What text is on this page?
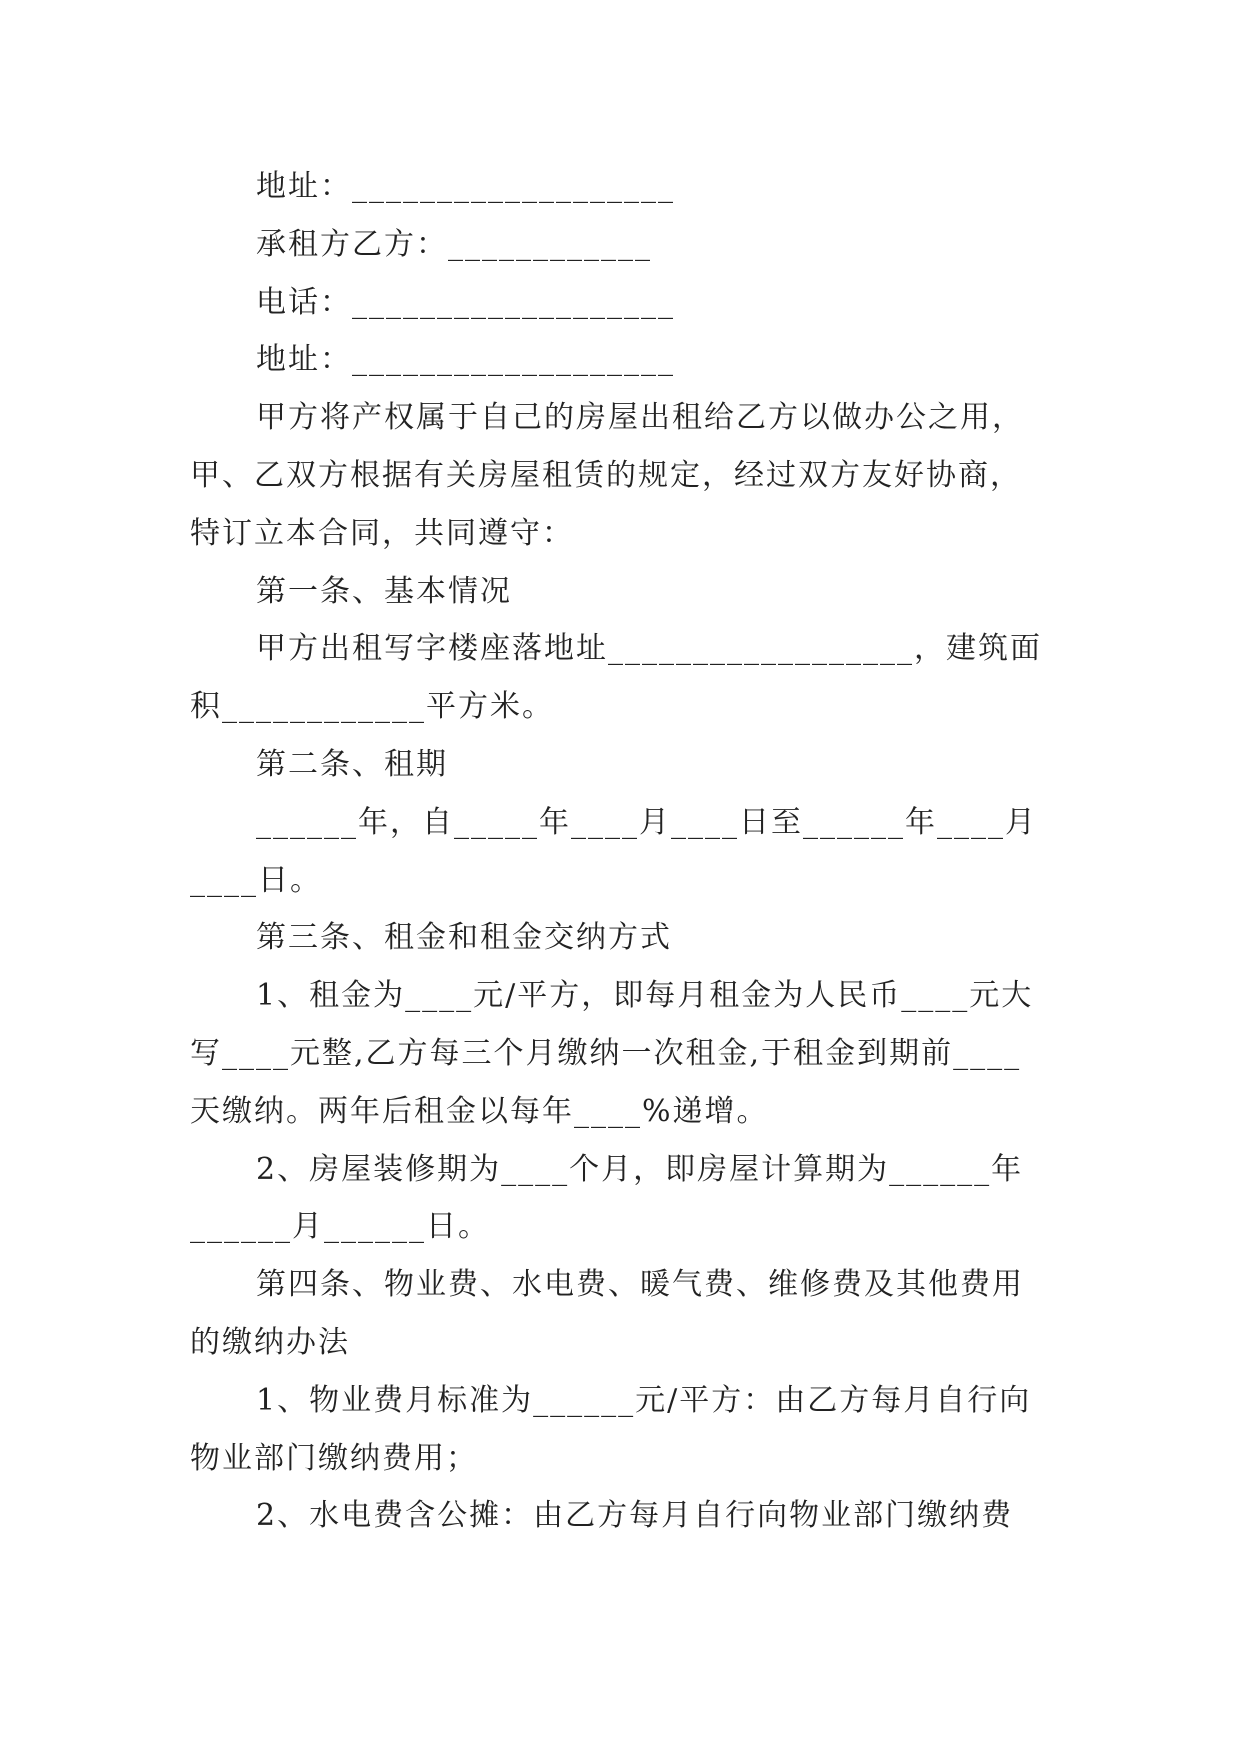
地址：___________________
承租方乙方：____________
电话：___________________
地址：___________________
甲方将产权属于自己的房屋出租给乙方以做办公之用，
甲、乙双方根据有关房屋租赁的规定，经过双方友好协商，
特订立本合同，共同遵守：
第一条、基本情况
甲方出租写字楼座落地址__________________，建筑面
积____________平方米。
第二条、租期
______年，自_____年____月____日至______年____月
____日。
第三条、租金和租金交纳方式
1、租金为____元/平方，即每月租金为人民币____元大
写____元整,乙方每三个月缴纳一次租金,于租金到期前____
天缴纳。两年后租金以每年____%递增。
2、房屋装修期为____个月，即房屋计算期为______年
______月______日。
第四条、物业费、水电费、暖气费、维修费及其他费用
的缴纳办法
1、物业费月标准为______元/平方：由乙方每月自行向
物业部门缴纳费用；
2、水电费含公摊：由乙方每月自行向物业部门缴纳费
